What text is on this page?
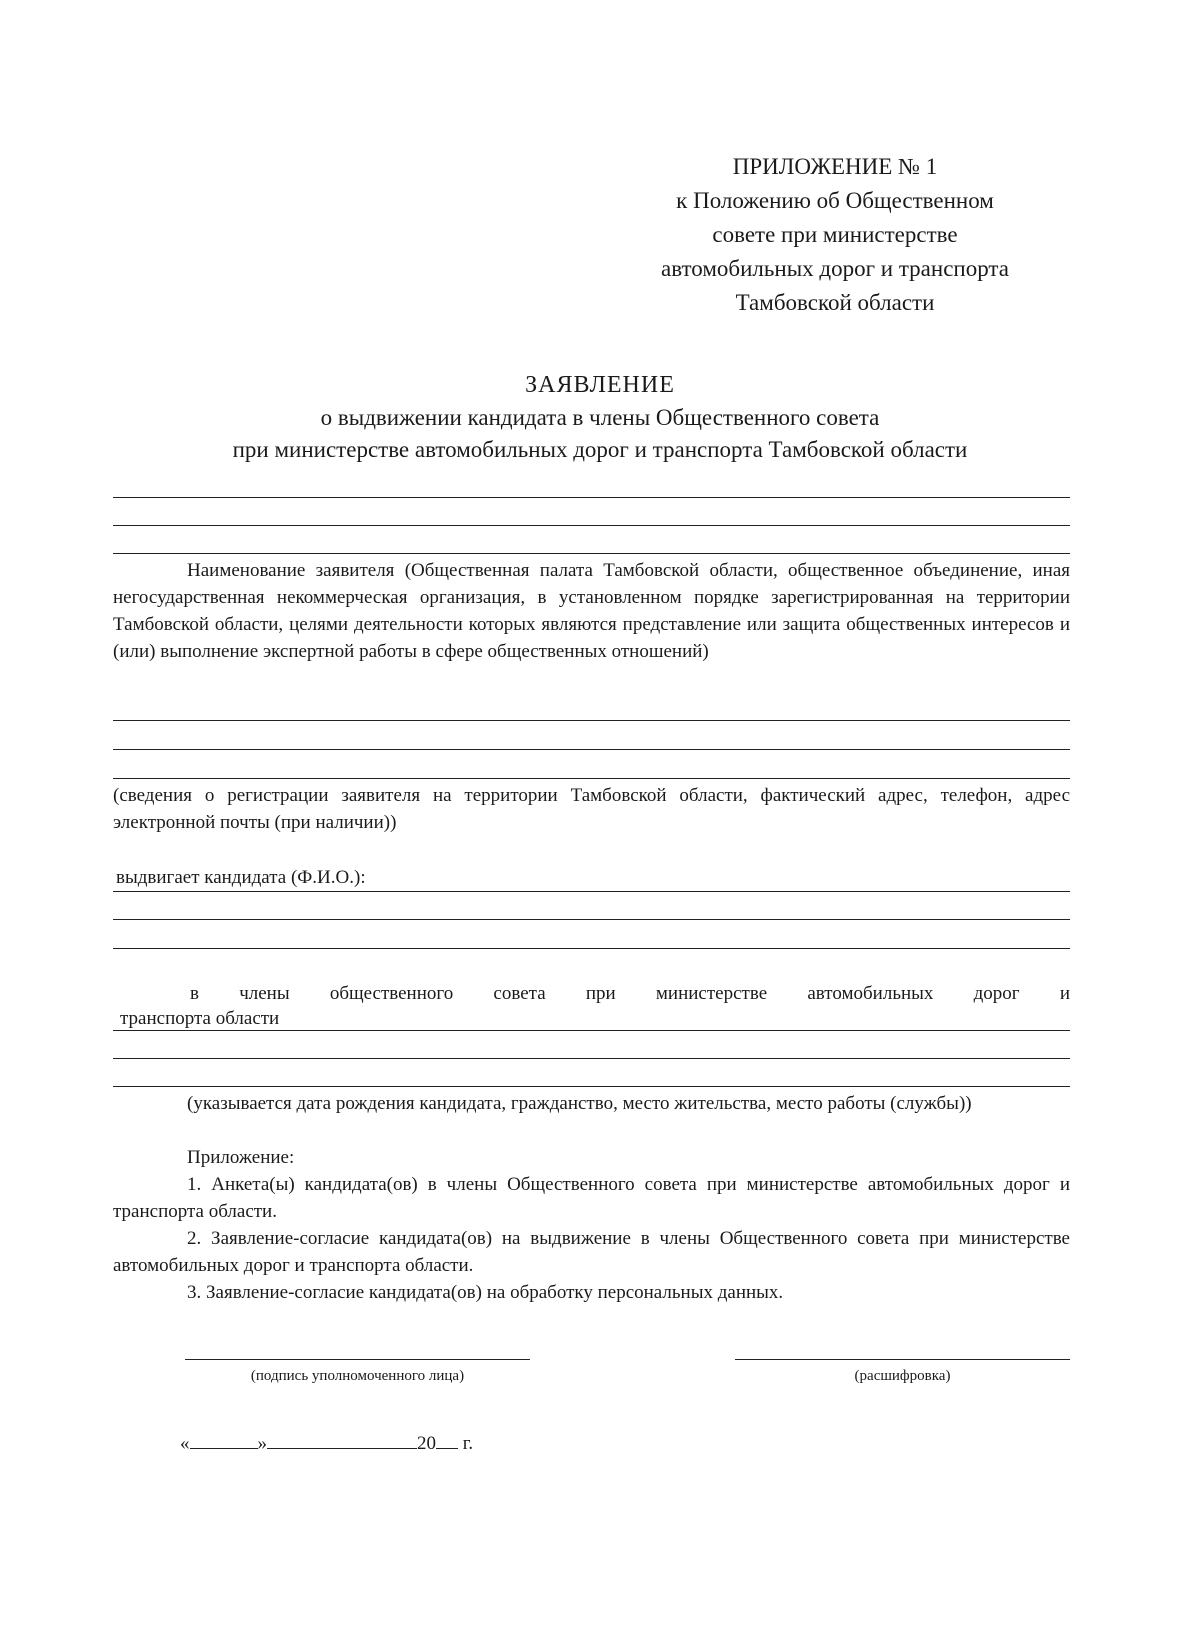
ПРИЛОЖЕНИЕ № 1
к Положению об Общественном
совете при министерстве
автомобильных дорог и транспорта
Тамбовской области
ЗАЯВЛЕНИЕ
о выдвижении кандидата в члены Общественного совета
при министерстве автомобильных дорог и транспорта Тамбовской области
Наименование заявителя (Общественная палата Тамбовской области, общественное объединение, иная негосударственная некоммерческая организация, в установленном порядке зарегистрированная на территории Тамбовской области, целями деятельности которых являются представление или защита общественных интересов и (или) выполнение экспертной работы в сфере общественных отношений)
(сведения о регистрации заявителя на территории Тамбовской области, фактический адрес, телефон, адрес электронной почты (при наличии))
выдвигает кандидата (Ф.И.О.):
в члены общественного совета при министерстве автомобильных дорог и
транспорта области
(указывается дата рождения кандидата, гражданство, место жительства, место работы (службы))
Приложение:
1. Анкета(ы) кандидата(ов) в члены Общественного совета при министерстве автомобильных дорог и транспорта области.
2. Заявление-согласие кандидата(ов) на выдвижение в члены Общественного совета при министерстве автомобильных дорог и транспорта области.
3. Заявление-согласие кандидата(ов) на обработку персональных данных.
(подпись уполномоченного лица)	(расшифровка)
«	»	20 г.
